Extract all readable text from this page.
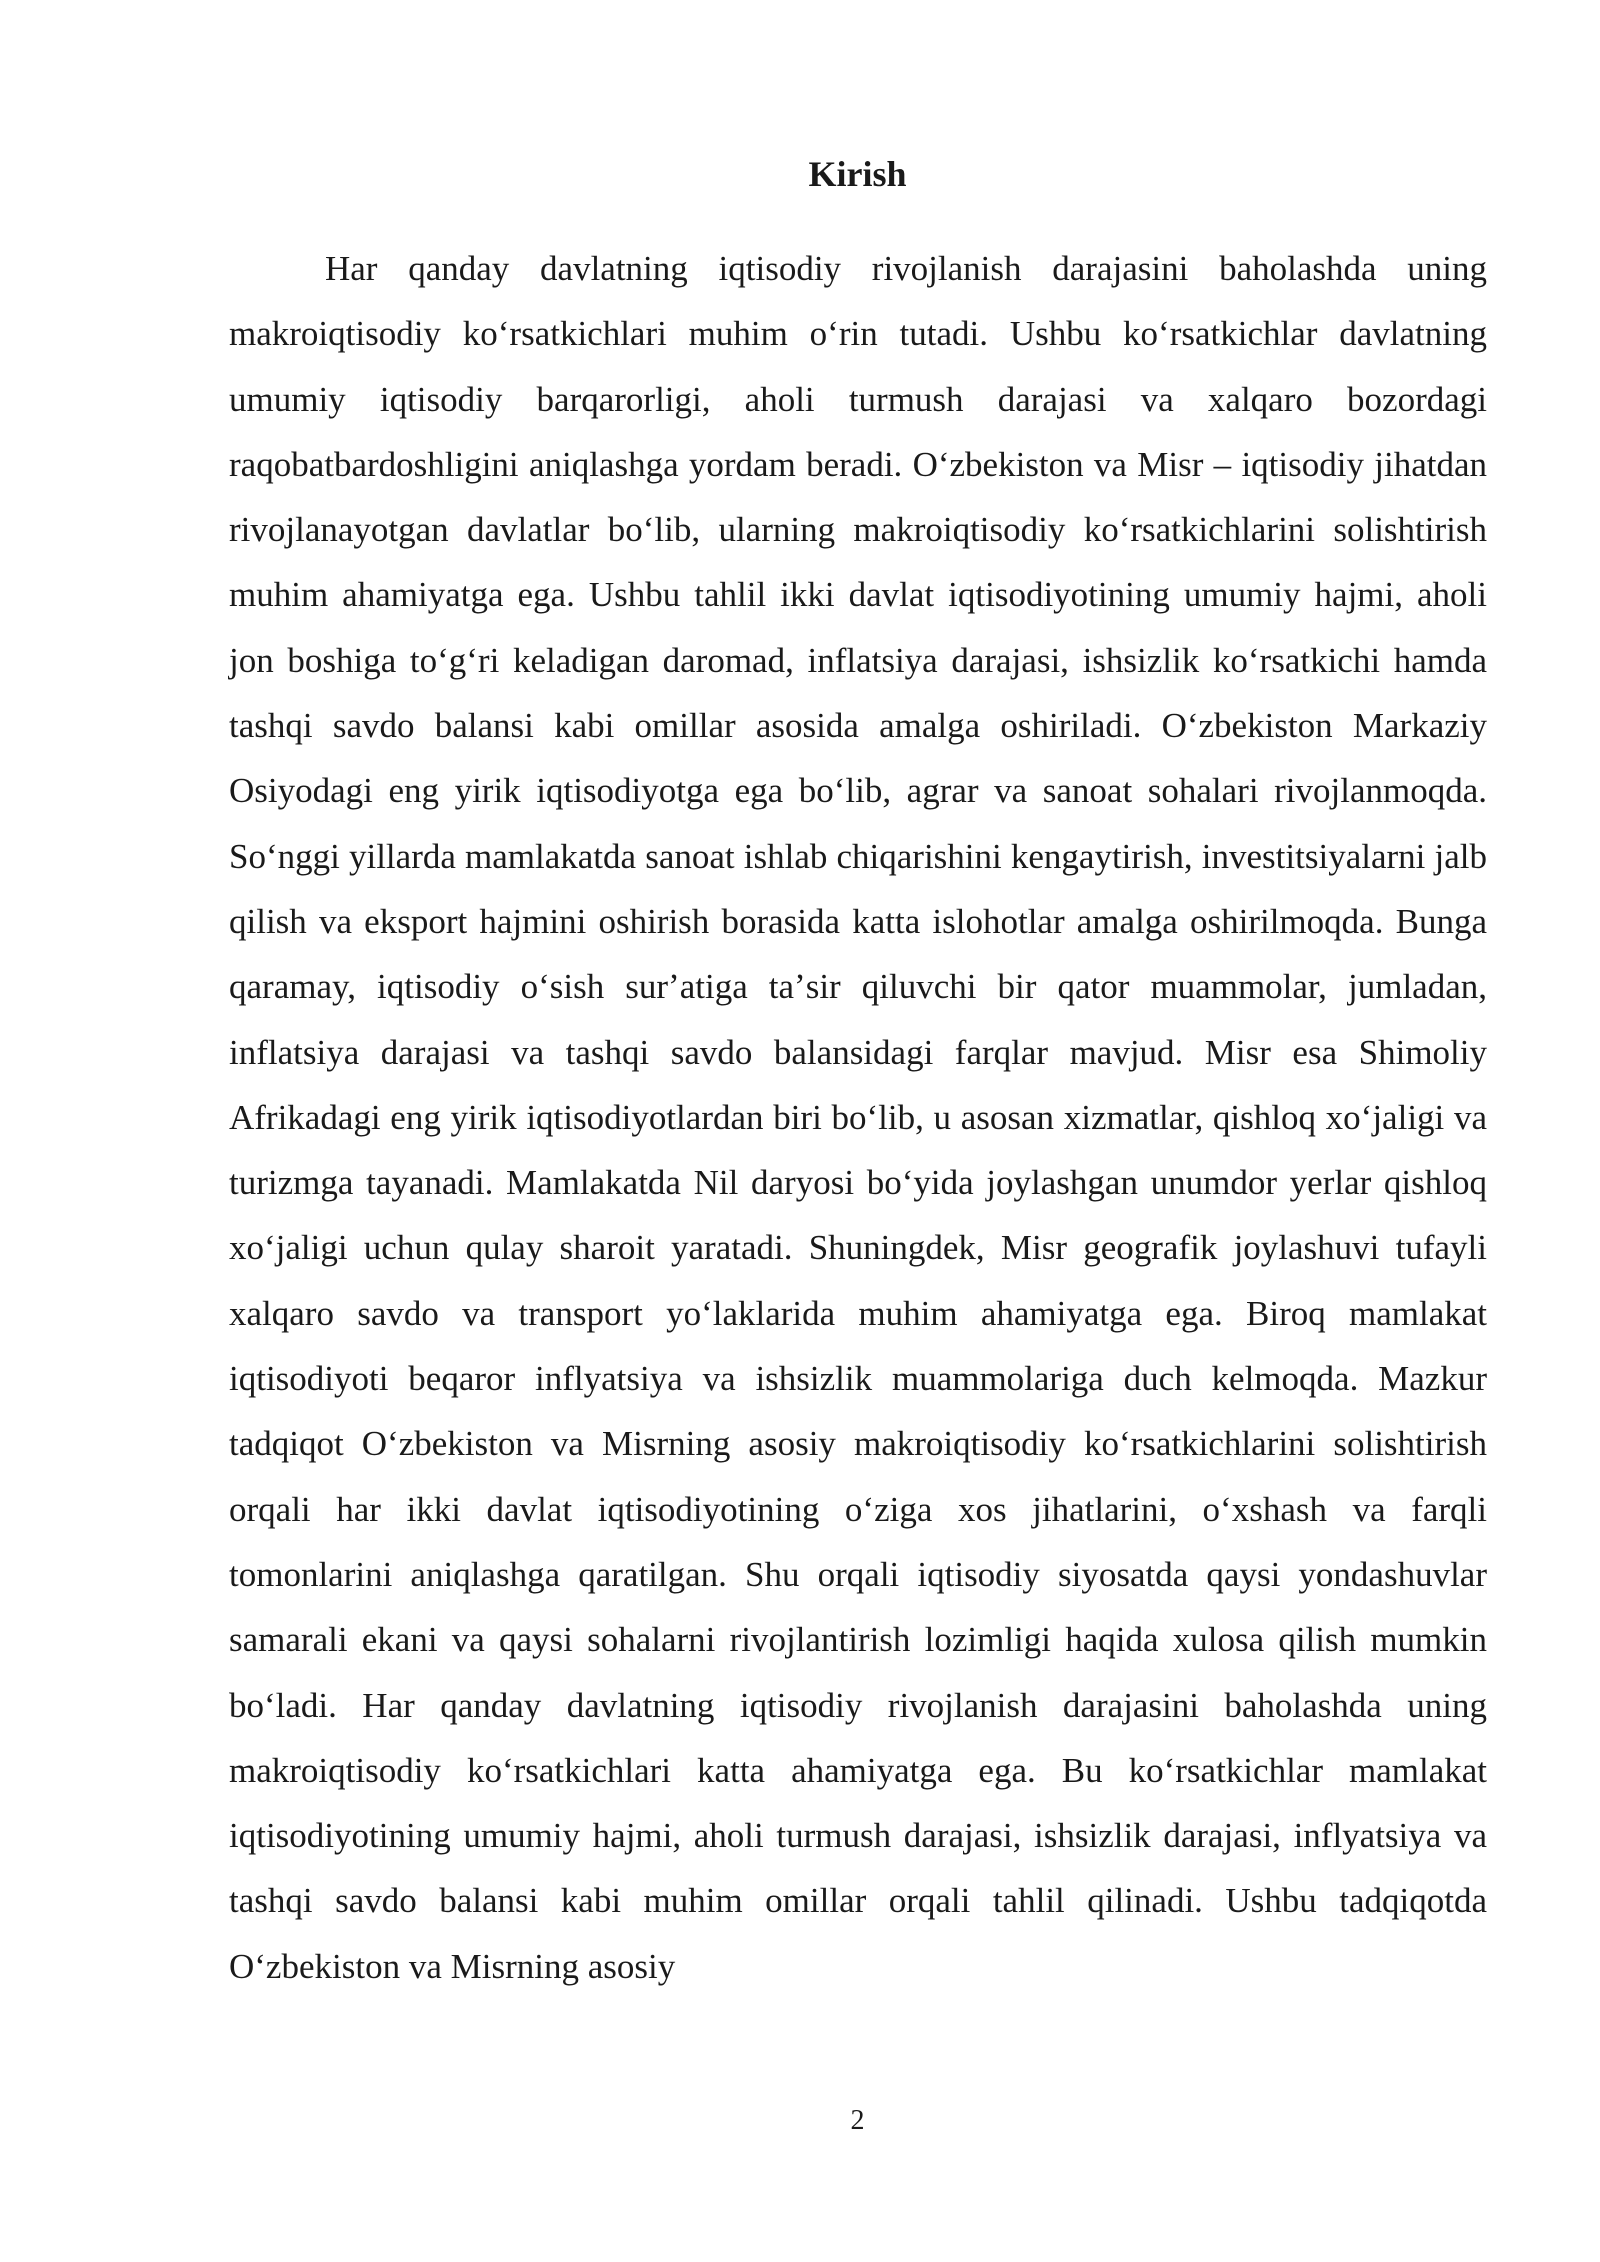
Kirish

Har qanday davlatning iqtisodiy rivojlanish darajasini baholashda uning makroiqtisodiy koʻrsatkichlari muhim oʻrin tutadi. Ushbu koʻrsatkichlar davlatning umumiy iqtisodiy barqarorligi, aholi turmush darajasi va xalqaro bozordagi raqobatbardoshligini aniqlashga yordam beradi. Oʻzbekiston va Misr – iqtisodiy jihatdan rivojlanayotgan davlatlar boʻlib, ularning makroiqtisodiy koʻrsatkichlarini solishtirish muhim ahamiyatga ega. Ushbu tahlil ikki davlat iqtisodiyotining umumiy hajmi, aholi jon boshiga toʻgʻri keladigan daromad, inflatsiya darajasi, ishsizlik koʻrsatkichi hamda tashqi savdo balansi kabi omillar asosida amalga oshiriladi. Oʻzbekiston Markaziy Osiyodagi eng yirik iqtisodiyotga ega boʻlib, agrar va sanoat sohalari rivojlanmoqda. Soʻnggi yillarda mamlakatda sanoat ishlab chiqarishini kengaytirish, investitsiyalarni jalb qilish va eksport hajmini oshirish borasida katta islohotlar amalga oshirilmoqda. Bunga qaramay, iqtisodiy oʻsish surʼatiga taʼsir qiluvchi bir qator muammolar, jumladan, inflatsiya darajasi va tashqi savdo balansidagi farqlar mavjud. Misr esa Shimoliy Afrikadagi eng yirik iqtisodiyotlardan biri boʻlib, u asosan xizmatlar, qishloq xoʻjaligi va turizmga tayanadi. Mamlakatda Nil daryosi boʻyida joylashgan unumdor yerlar qishloq xoʻjaligi uchun qulay sharoit yaratadi. Shuningdek, Misr geografik joylashuvi tufayli xalqaro savdo va transport yoʻlaklarida muhim ahamiyatga ega. Biroq mamlakat iqtisodiyoti beqaror inflyatsiya va ishsizlik muammolariga duch kelmoqda. Mazkur tadqiqot Oʻzbekiston va Misrning asosiy makroiqtisodiy koʻrsatkichlarini solishtirish orqali har ikki davlat iqtisodiyotining oʻziga xos jihatlarini, oʻxshash va farqli tomonlarini aniqlashga qaratilgan. Shu orqali iqtisodiy siyosatda qaysi yondashuvlar samarali ekani va qaysi sohalarni rivojlantirish lozimligi haqida xulosa qilish mumkin boʻladi. Har qanday davlatning iqtisodiy rivojlanish darajasini baholashda uning makroiqtisodiy koʻrsatkichlari katta ahamiyatga ega. Bu koʻrsatkichlar mamlakat iqtisodiyotining umumiy hajmi, aholi turmush darajasi, ishsizlik darajasi, inflyatsiya va tashqi savdo balansi kabi muhim omillar orqali tahlil qilinadi. Ushbu tadqiqotda Oʻzbekiston va Misrning asosiy

2
